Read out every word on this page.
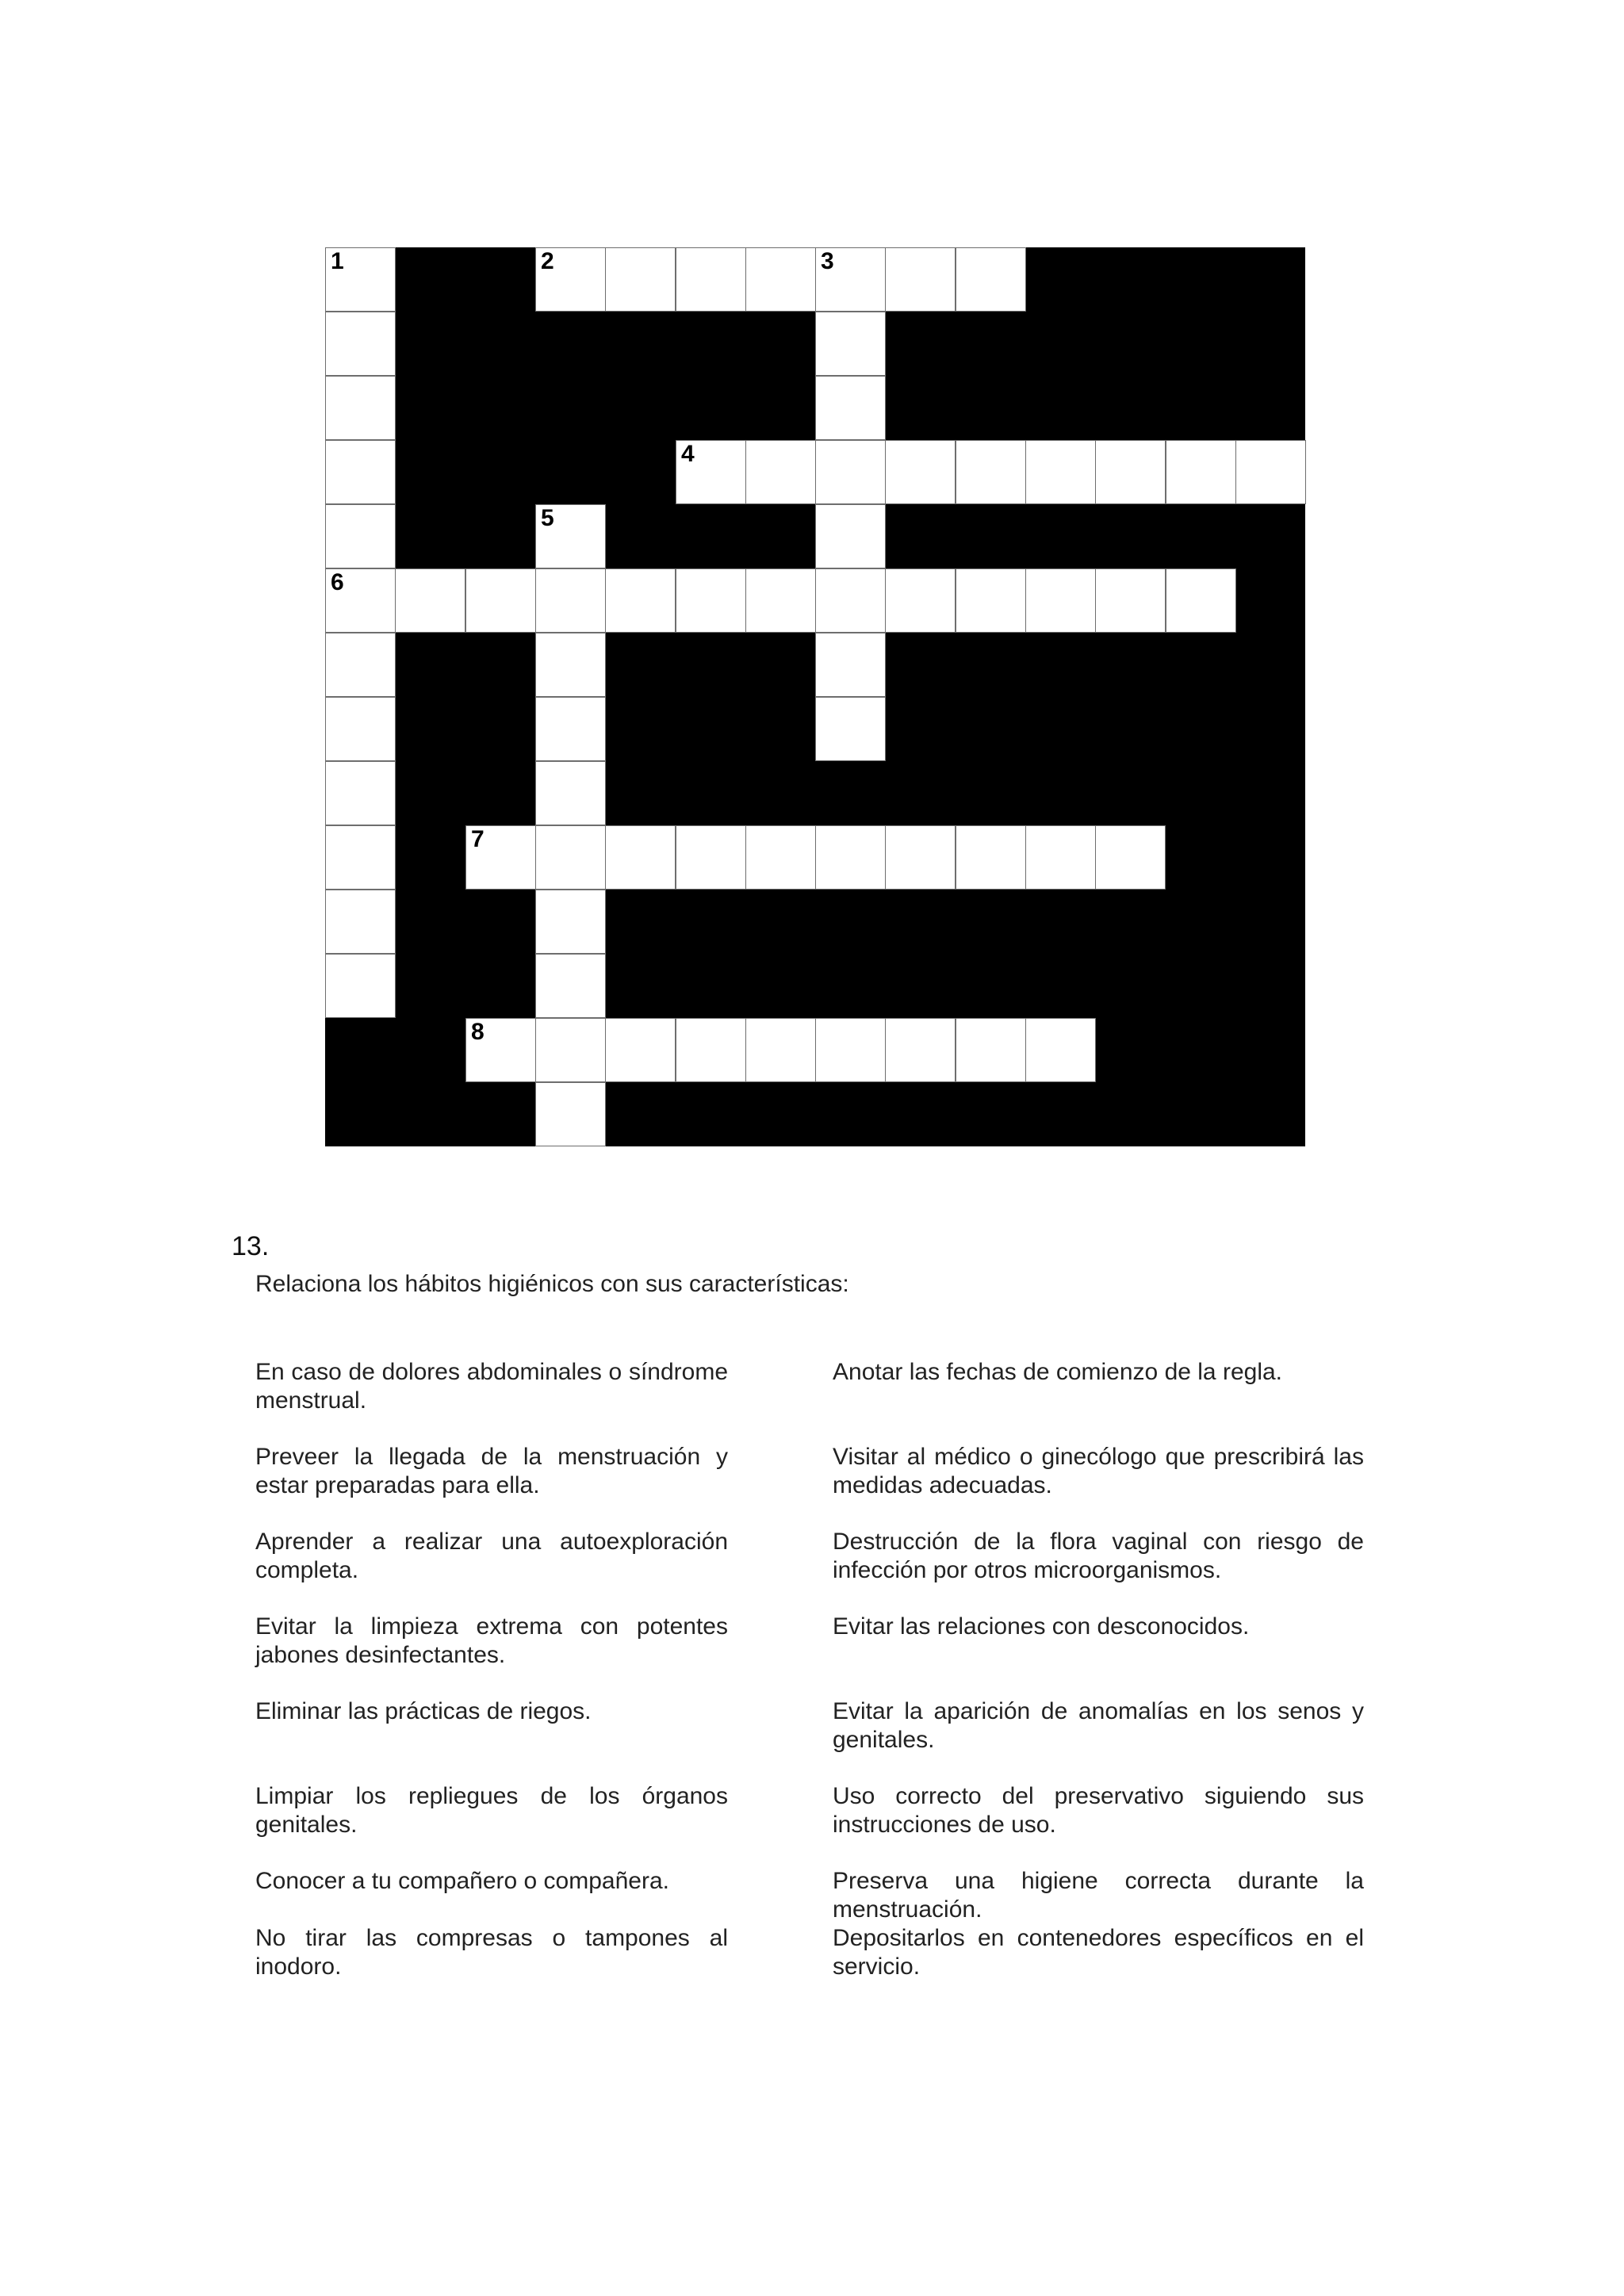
1
6
2	3
4
5
7
8
13.
Relaciona los hábitos higiénicos con sus características:

En caso de dolores abdominales o síndrome menstrual.

Preveer la llegada de la menstruación y estar preparadas para ella.

Aprender a realizar una autoexploración completa.

Evitar la limpieza extrema con potentes jabones desinfectantes.

Eliminar las prácticas de riegos.

Limpiar los repliegues de los órganos genitales.

Conocer a tu compañero o compañera.

No tirar las compresas o tampones al inodoro.

Anotar las fechas de comienzo de la regla.

Visitar al médico o ginecólogo que prescribirá las medidas adecuadas.

Destrucción de la flora vaginal con riesgo de infección por otros microorganismos.

Evitar las relaciones con desconocidos.

Evitar la aparición de anomalías en los senos y genitales.

Uso correcto del preservativo siguiendo sus instrucciones de uso.

Preserva una higiene correcta durante la menstruación.

Depositarlos en contenedores específicos en el servicio.
